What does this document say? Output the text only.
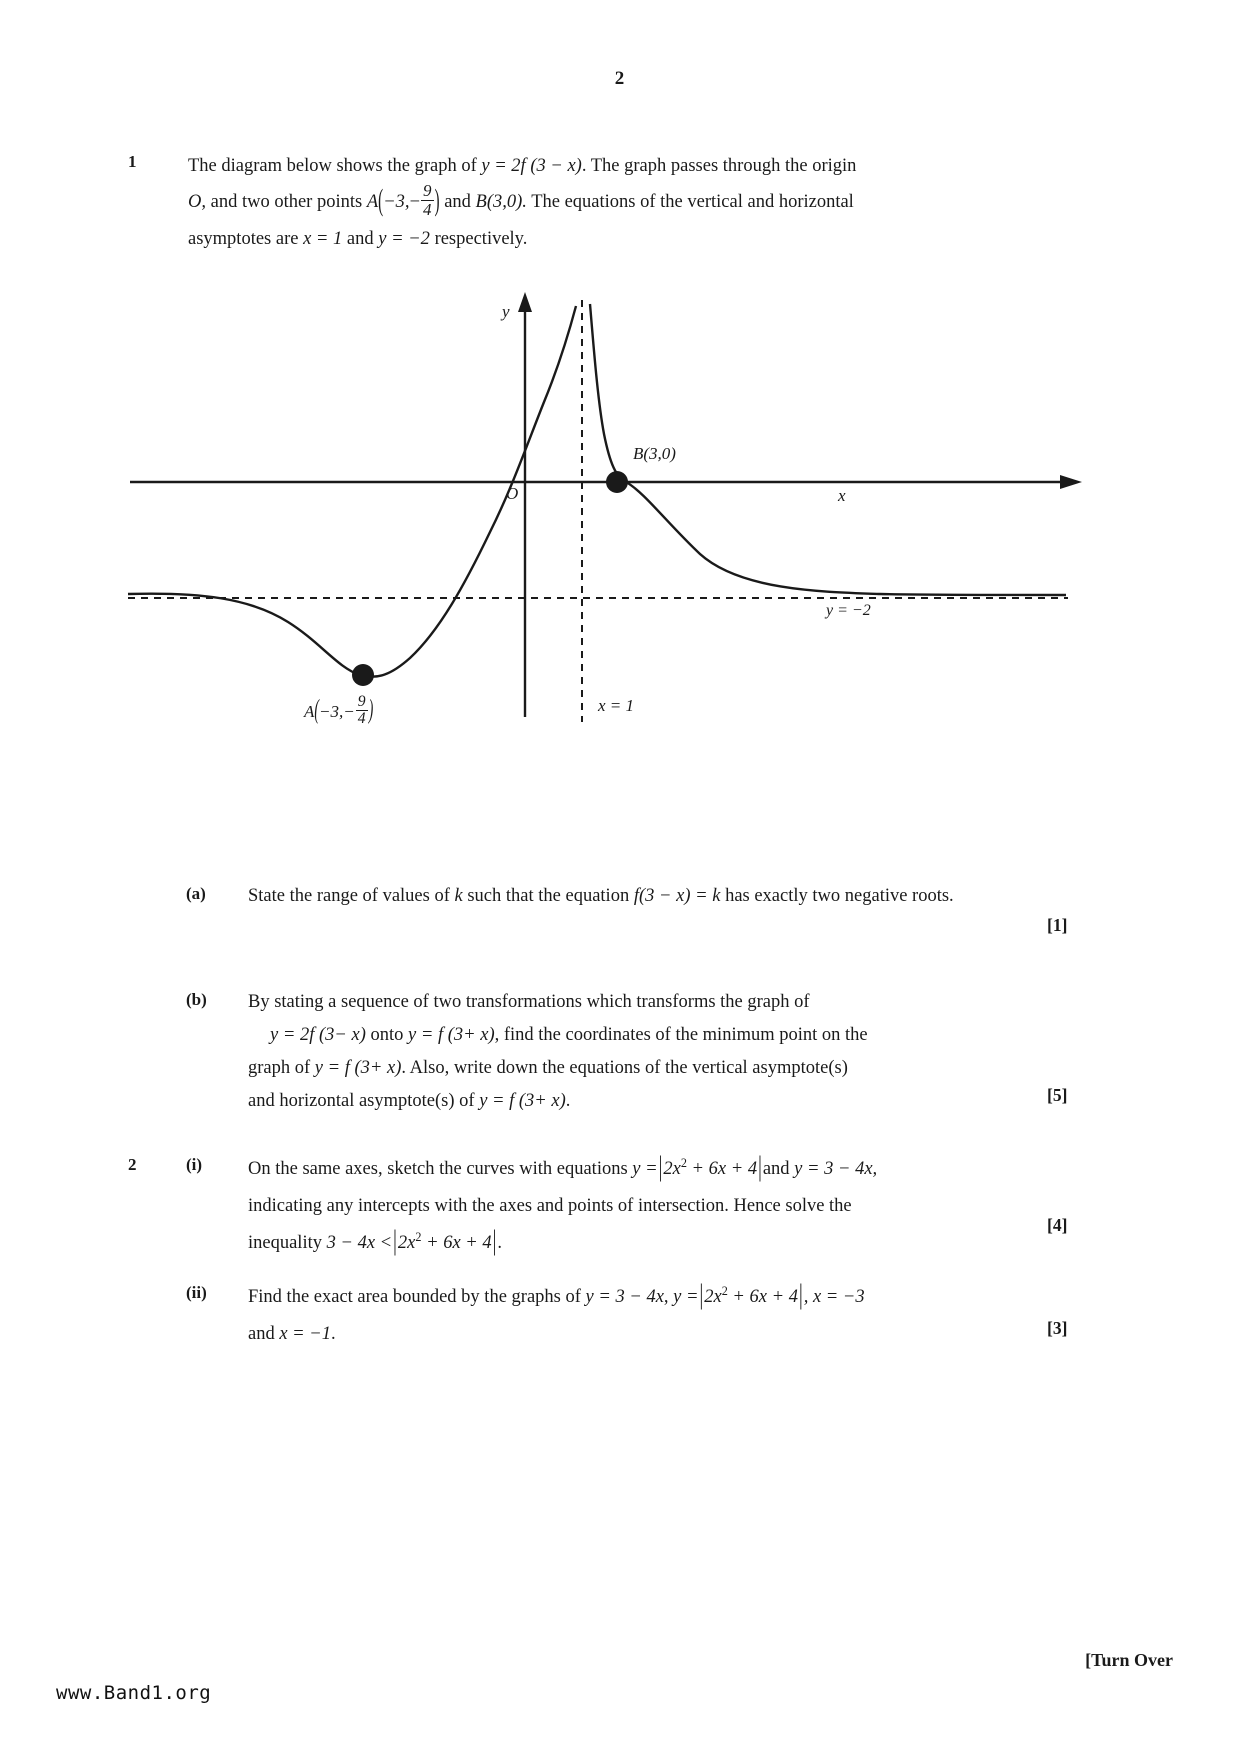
2
1	The diagram below shows the graph of y = 2f (3 − x). The graph passes through the origin

O, and two other points $A(-3,- \frac{9}{4}$ ) and B(3,0). The equations of the vertical and horizontal

asymptotes are x = 1 and y = −2 respectively.

y
x
O
B(3,0)
y = −2
x = 1
$A(-3,- \frac{9}{4}$ )
(a) State the range of values of k such that the equation f(3 − x) = k has exactly two negative roots.
[1]
(b) By stating a sequence of two transformations which transforms the graph of
y = 2f (3− x) onto y = f (3+ x), find the coordinates of the minimum point on the
graph of y = f (3+ x). Also, write down the equations of the vertical asymptote(s)
and horizontal asymptote(s) of y = f (3+ x).	[5]
2	(i) On the same axes, sketch the curves with equations $y =|2x^2 + 6x + 4|and$ y = 3 − 4x,
indicating any intercepts with the axes and points of intersection. Hence solve the
inequality $3 - 4x <|2x^2 + 6x + 4|$.
[4]
(ii) Find the exact area bounded by the graphs of y = 3 − 4x, $y =|2x^2 + 6x + 4|$, x = −3
and x = −1.	[3]
[Turn Over
www.Band1.org
